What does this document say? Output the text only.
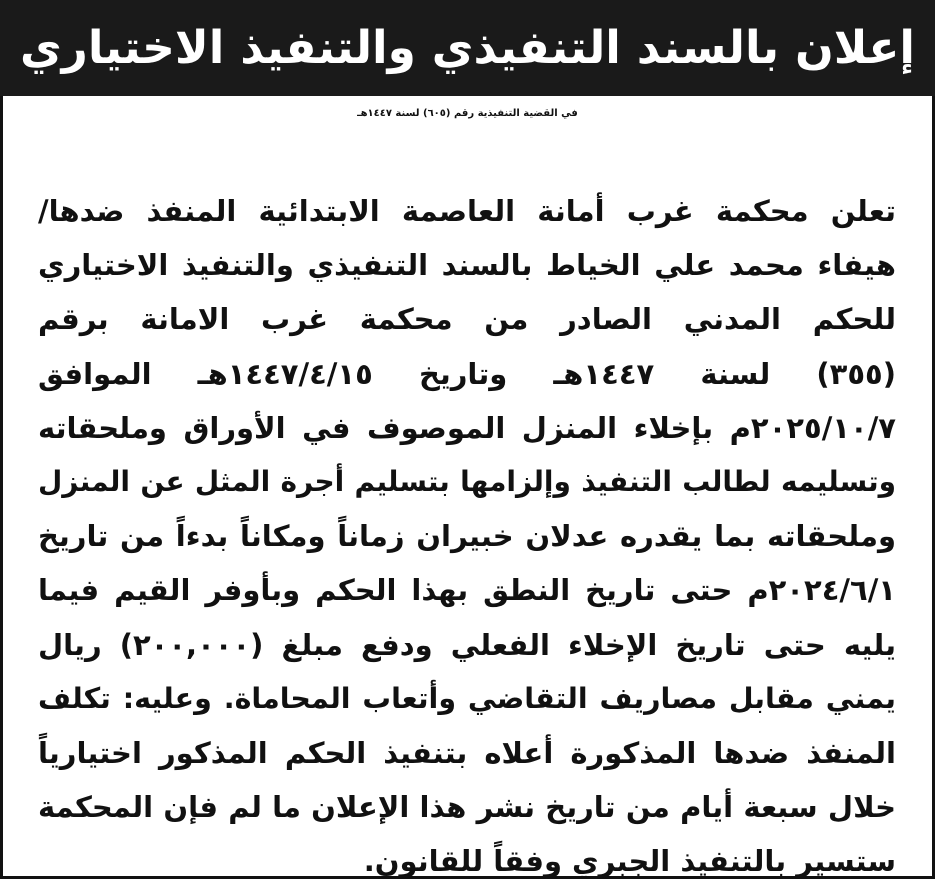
إعلان بالسند التنفيذي والتنفيذ الاختياري
في القضية التنفيذية رقم (٦٠٥) لسنة ١٤٤٧هـ
تعلن محكمة غرب أمانة العاصمة الابتدائية المنفذ ضدها/
هيفاء محمد علي الخياط بالسند التنفيذي والتنفيذ الاختياري
للحكم المدني الصادر من محكمة غرب الامانة برقم
(٣٥٥) لسنة ١٤٤٧هـ وتاريخ ١٤٤٧/٤/١٥هـ الموافق
٢٠٢٥/١٠/٧م بإخلاء المنزل الموصوف في الأوراق وملحقاته
وتسليمه لطالب التنفيذ وإلزامها بتسليم أجرة المثل عن المنزل
وملحقاته بما يقدره عدلان خبيران زماناً ومكاناً بدءاً من تاريخ
٢٠٢٤/٦/١م حتى تاريخ النطق بهذا الحكم وبأوفر القيم فيما
يليه حتى تاريخ الإخلاء الفعلي ودفع مبلغ (٢٠٠,٠٠٠) ريال
يمني مقابل مصاريف التقاضي وأتعاب المحاماة. وعليه: تكلف
المنفذ ضدها المذكورة أعلاه بتنفيذ الحكم المذكور اختيارياً
خلال سبعة أيام من تاريخ نشر هذا الإعلان ما لم فإن المحكمة
ستسير بالتنفيذ الجبري وفقاً للقانون.
